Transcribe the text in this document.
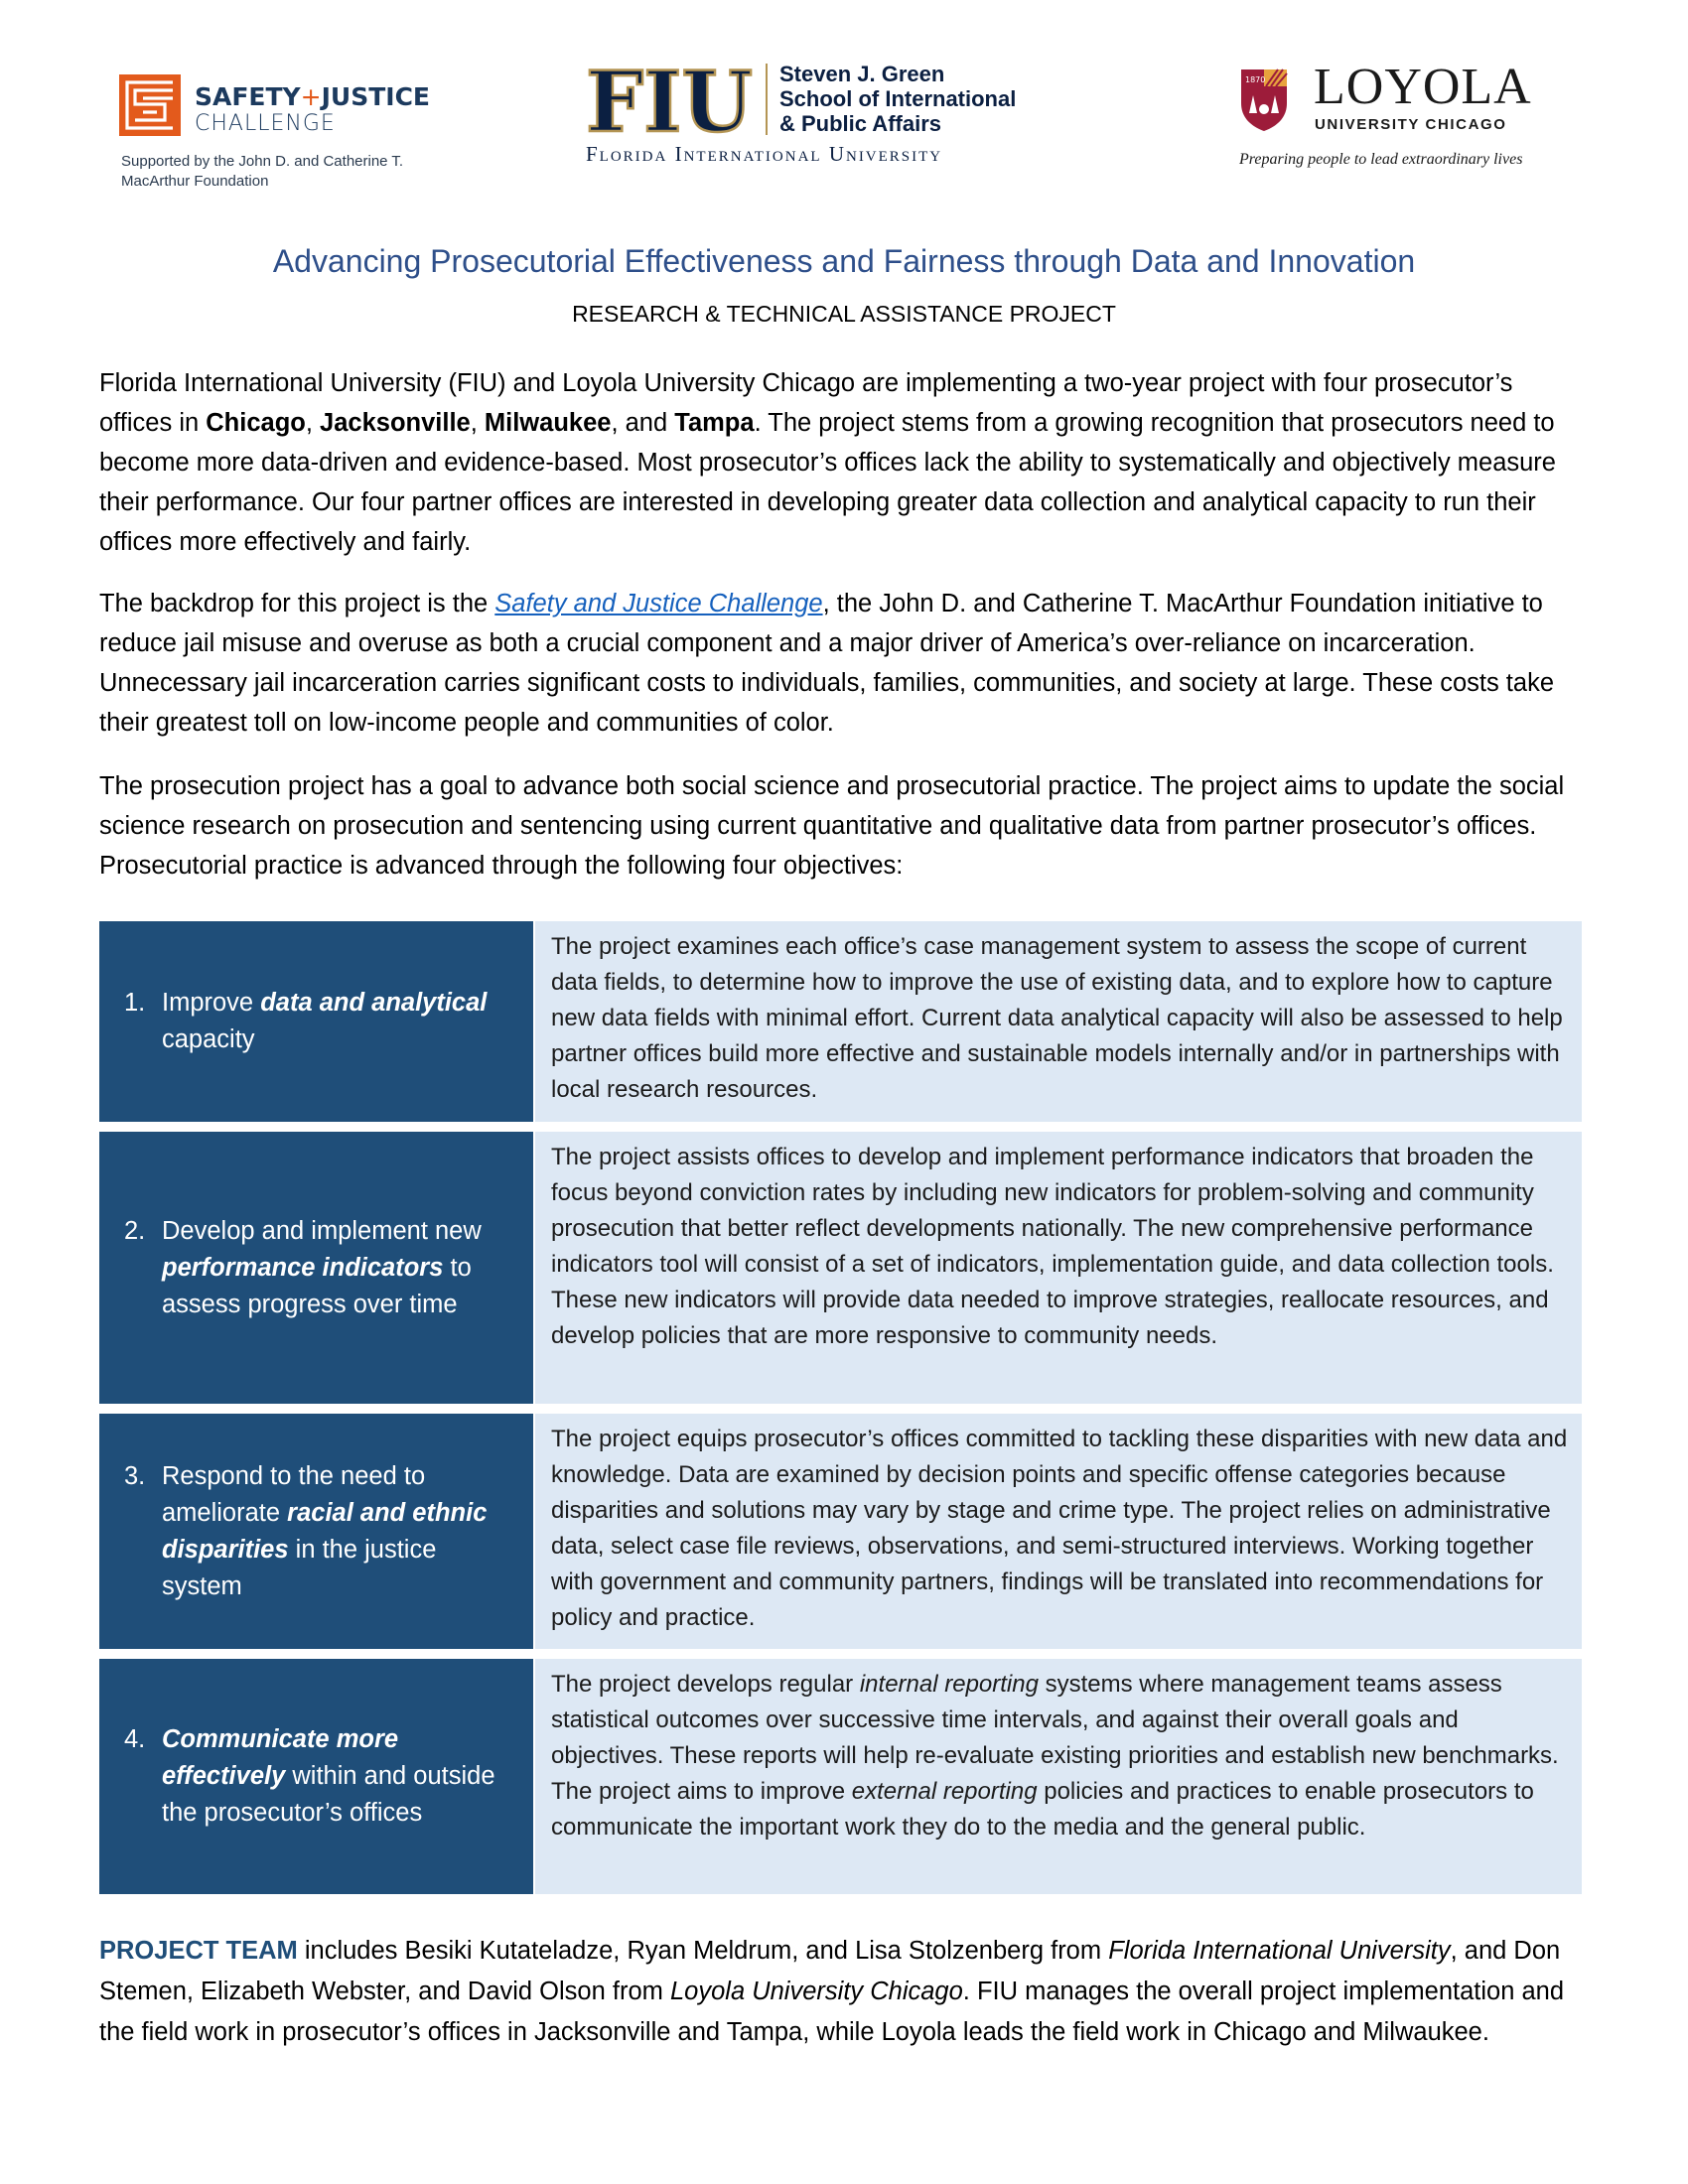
SAFETY+JUSTICE
CHALLENGE
Supported by the John D. and Catherine T.
MacArthur Foundation
FIU Steven J. Green
School of International
& Public Affairs
Florida International University
1870 LOYOLA
UNIVERSITY CHICAGO
Preparing people to lead extraordinary lives
Advancing Prosecutorial Effectiveness and Fairness through Data and Innovation
RESEARCH & TECHNICAL ASSISTANCE PROJECT
Florida International University (FIU) and Loyola University Chicago are implementing a two-year project with four prosecutor’s offices in Chicago, Jacksonville, Milwaukee, and Tampa. The project stems from a growing recognition that prosecutors need to become more data-driven and evidence-based. Most prosecutor’s offices lack the ability to systematically and objectively measure their performance. Our four partner offices are interested in developing greater data collection and analytical capacity to run their offices more effectively and fairly.
The backdrop for this project is the Safety and Justice Challenge, the John D. and Catherine T. MacArthur Foundation initiative to reduce jail misuse and overuse as both a crucial component and a major driver of America’s over-reliance on incarceration. Unnecessary jail incarceration carries significant costs to individuals, families, communities, and society at large. These costs take their greatest toll on low-income people and communities of color.
The prosecution project has a goal to advance both social science and prosecutorial practice. The project aims to update the social science research on prosecution and sentencing using current quantitative and qualitative data from partner prosecutor’s offices. Prosecutorial practice is advanced through the following four objectives:
1. Improve data and analytical capacity
The project examines each office’s case management system to assess the scope of current data fields, to determine how to improve the use of existing data, and to explore how to capture new data fields with minimal effort. Current data analytical capacity will also be assessed to help partner offices build more effective and sustainable models internally and/or in partnerships with local research resources.
2. Develop and implement new performance indicators to assess progress over time
The project assists offices to develop and implement performance indicators that broaden the focus beyond conviction rates by including new indicators for problem-solving and community prosecution that better reflect developments nationally. The new comprehensive performance indicators tool will consist of a set of indicators, implementation guide, and data collection tools. These new indicators will provide data needed to improve strategies, reallocate resources, and develop policies that are more responsive to community needs.
3. Respond to the need to ameliorate racial and ethnic disparities in the justice system
The project equips prosecutor’s offices committed to tackling these disparities with new data and knowledge. Data are examined by decision points and specific offense categories because disparities and solutions may vary by stage and crime type. The project relies on administrative data, select case file reviews, observations, and semi-structured interviews. Working together with government and community partners, findings will be translated into recommendations for policy and practice.
4. Communicate more effectively within and outside the prosecutor’s offices
The project develops regular internal reporting systems where management teams assess statistical outcomes over successive time intervals, and against their overall goals and objectives. These reports will help re-evaluate existing priorities and establish new benchmarks. The project aims to improve external reporting policies and practices to enable prosecutors to communicate the important work they do to the media and the general public.
PROJECT TEAM includes Besiki Kutateladze, Ryan Meldrum, and Lisa Stolzenberg from Florida International University, and Don Stemen, Elizabeth Webster, and David Olson from Loyola University Chicago. FIU manages the overall project implementation and the field work in prosecutor’s offices in Jacksonville and Tampa, while Loyola leads the field work in Chicago and Milwaukee.
